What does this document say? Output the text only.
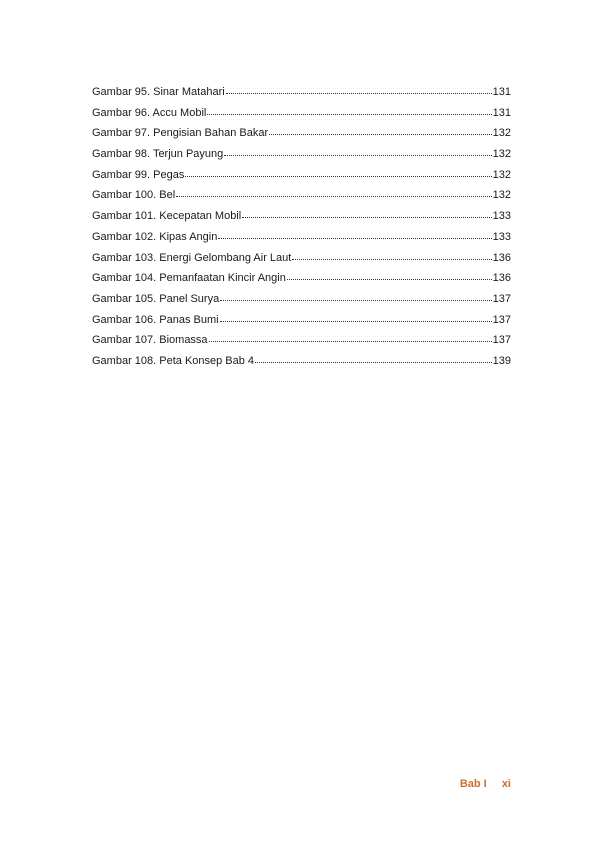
Gambar 95. Sinar Matahari	131
Gambar 96. Accu Mobil	131
Gambar 97. Pengisian Bahan Bakar	132
Gambar 98. Terjun Payung	132
Gambar 99. Pegas	132
Gambar 100. Bel	132
Gambar 101. Kecepatan Mobil	133
Gambar 102. Kipas Angin	133
Gambar 103. Energi Gelombang Air Laut	136
Gambar 104. Pemanfaatan Kincir Angin	136
Gambar 105. Panel Surya	137
Gambar 106. Panas Bumi	137
Gambar 107. Biomassa	137
Gambar 108. Peta Konsep Bab 4	139
Bab I xi
